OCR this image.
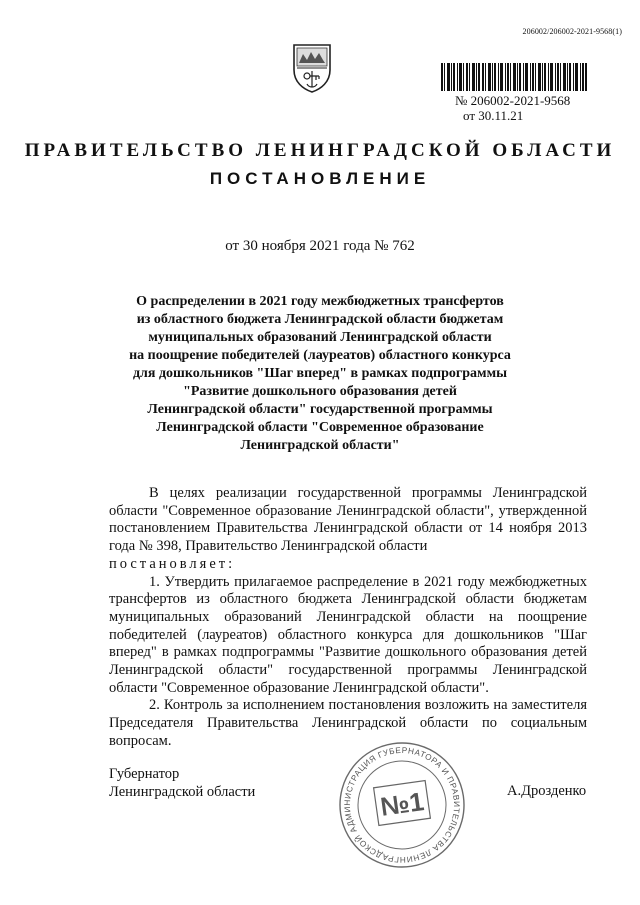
206002/206002-2021-9568(1)
№ 206002-2021-9568
от 30.11.21
ПРАВИТЕЛЬСТВО ЛЕНИНГРАДСКОЙ ОБЛАСТИ
ПОСТАНОВЛЕНИЕ
от 30 ноября 2021 года № 762
О распределении в 2021 году межбюджетных трансфертов
из областного бюджета Ленинградской области бюджетам
муниципальных образований Ленинградской области
на поощрение победителей (лауреатов) областного конкурса
для дошкольников "Шаг вперед" в рамках подпрограммы
"Развитие дошкольного образования детей
Ленинградской области" государственной программы
Ленинградской области "Современное образование
Ленинградской области"

В целях реализации государственной программы Ленинградской области "Современное образование Ленинградской области", утвержденной постановлением Правительства Ленинградской области от 14 ноября 2013 года № 398, Правительство Ленинградской области

постановляет:

1. Утвердить прилагаемое распределение в 2021 году межбюджетных трансфертов из областного бюджета Ленинградской области бюджетам муниципальных образований Ленинградской области на поощрение победителей (лауреатов) областного конкурса для дошкольников "Шаг вперед" в рамках подпрограммы "Развитие дошкольного образования детей Ленинградской области" государственной программы Ленинградской области "Современное образование Ленинградской области".

2. Контроль за исполнением постановления возложить на заместителя Председателя Правительства Ленинградской области по социальным вопросам.

Губернатор
Ленинградской области
АДМИНИСТРАЦИЯ ГУБЕРНАТОРА И ПРАВИТЕЛЬСТВА ЛЕНИНГРАДСКОЙ
№1	А.Дрозденко
